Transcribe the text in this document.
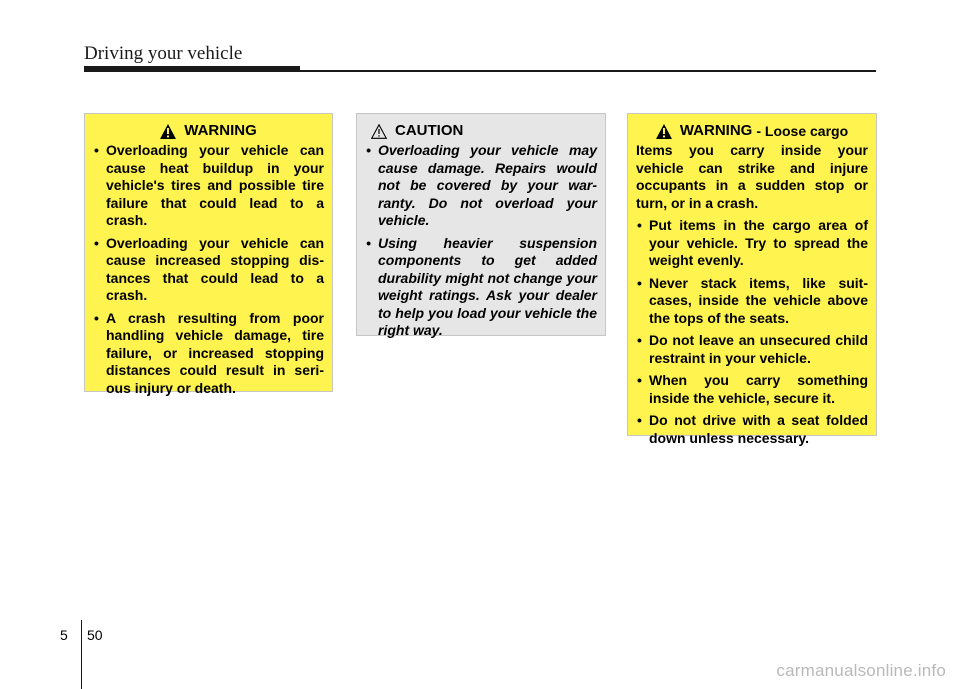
Driving your vehicle
WARNING
• Overloading your vehicle can cause heat buildup in your vehicle's tires and possible tire failure that could lead to a crash.
• Overloading your vehicle can cause increased stopping dis-tances that could lead to a crash.
• A crash resulting from poor handling vehicle damage, tire failure, or increased stopping distances could result in seri-ous injury or death.
CAUTION
• Overloading your vehicle may cause damage. Repairs would not be covered by your war-ranty. Do not overload your vehicle.
• Using heavier suspension components to get added durability might not change your weight ratings. Ask your dealer to help you load your vehicle the right way.
WARNING - Loose cargo
Items you carry inside your vehicle can strike and injure occupants in a sudden stop or turn, or in a crash.
• Put items in the cargo area of your vehicle. Try to spread the weight evenly.
• Never stack items, like suit-cases, inside the vehicle above the tops of the seats.
• Do not leave an unsecured child restraint in your vehicle.
• When you carry something inside the vehicle, secure it.
• Do not drive with a seat folded down unless necessary.
5 50
carmanualsonline.info
